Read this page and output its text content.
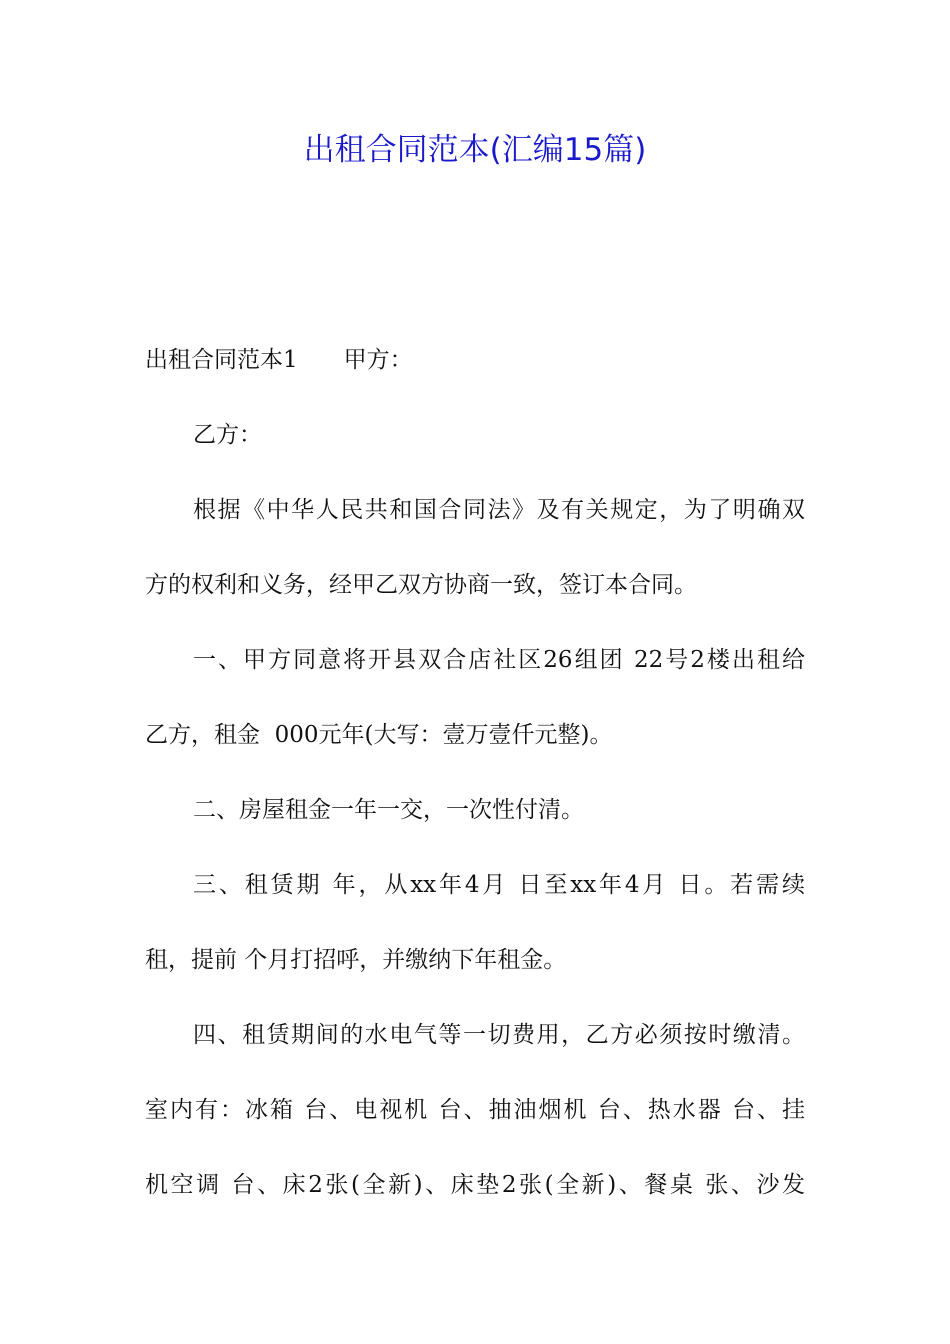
出租合同范本(汇编15篇)
出租合同范本1　　甲方：
乙方：
根据《中华人民共和国合同法》及有关规定，为了明确双
方的权利和义务，经甲乙双方协商一致，签订本合同。
一、甲方同意将开县双合店社区26组团 22号2楼出租给
乙方，租金  000元年(大写：壹万壹仟元整)。
二、房屋租金一年一交，一次性付清。
三、租赁期 年，从xx年4月 日至xx年4月 日。若需续
租，提前 个月打招呼，并缴纳下年租金。
四、租赁期间的水电气等一切费用，乙方必须按时缴清。
室内有：冰箱 台、电视机 台、抽油烟机 台、热水器 台、挂
机空调 台、床2张(全新)、床垫2张(全新)、餐桌 张、沙发
